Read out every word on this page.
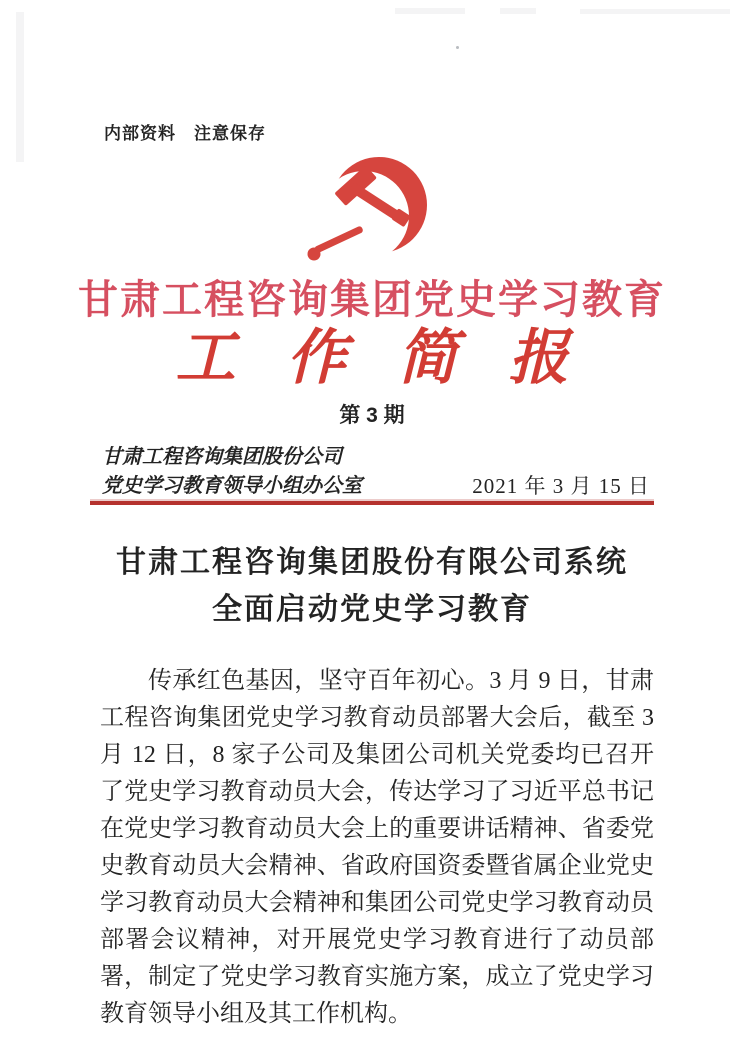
内部资料　注意保存
甘肃工程咨询集团党史学习教育
工作简报
第 3 期
甘肃工程咨询集团股份公司
党史学习教育领导小组办公室	2021 年 3 月 15 日
甘肃工程咨询集团股份有限公司系统
全面启动党史学习教育
传承红色基因，坚守百年初心。3 月 9 日，甘肃工程咨询集团党史学习教育动员部署大会后，截至 3 月 12 日，8 家子公司及集团公司机关党委均已召开了党史学习教育动员大会，传达学习了习近平总书记在党史学习教育动员大会上的重要讲话精神、省委党史教育动员大会精神、省政府国资委暨省属企业党史学习教育动员大会精神和集团公司党史学习教育动员部署会议精神，对开展党史学习教育进行了动员部署，制定了党史学习教育实施方案，成立了党史学习教育领导小组及其工作机构。
